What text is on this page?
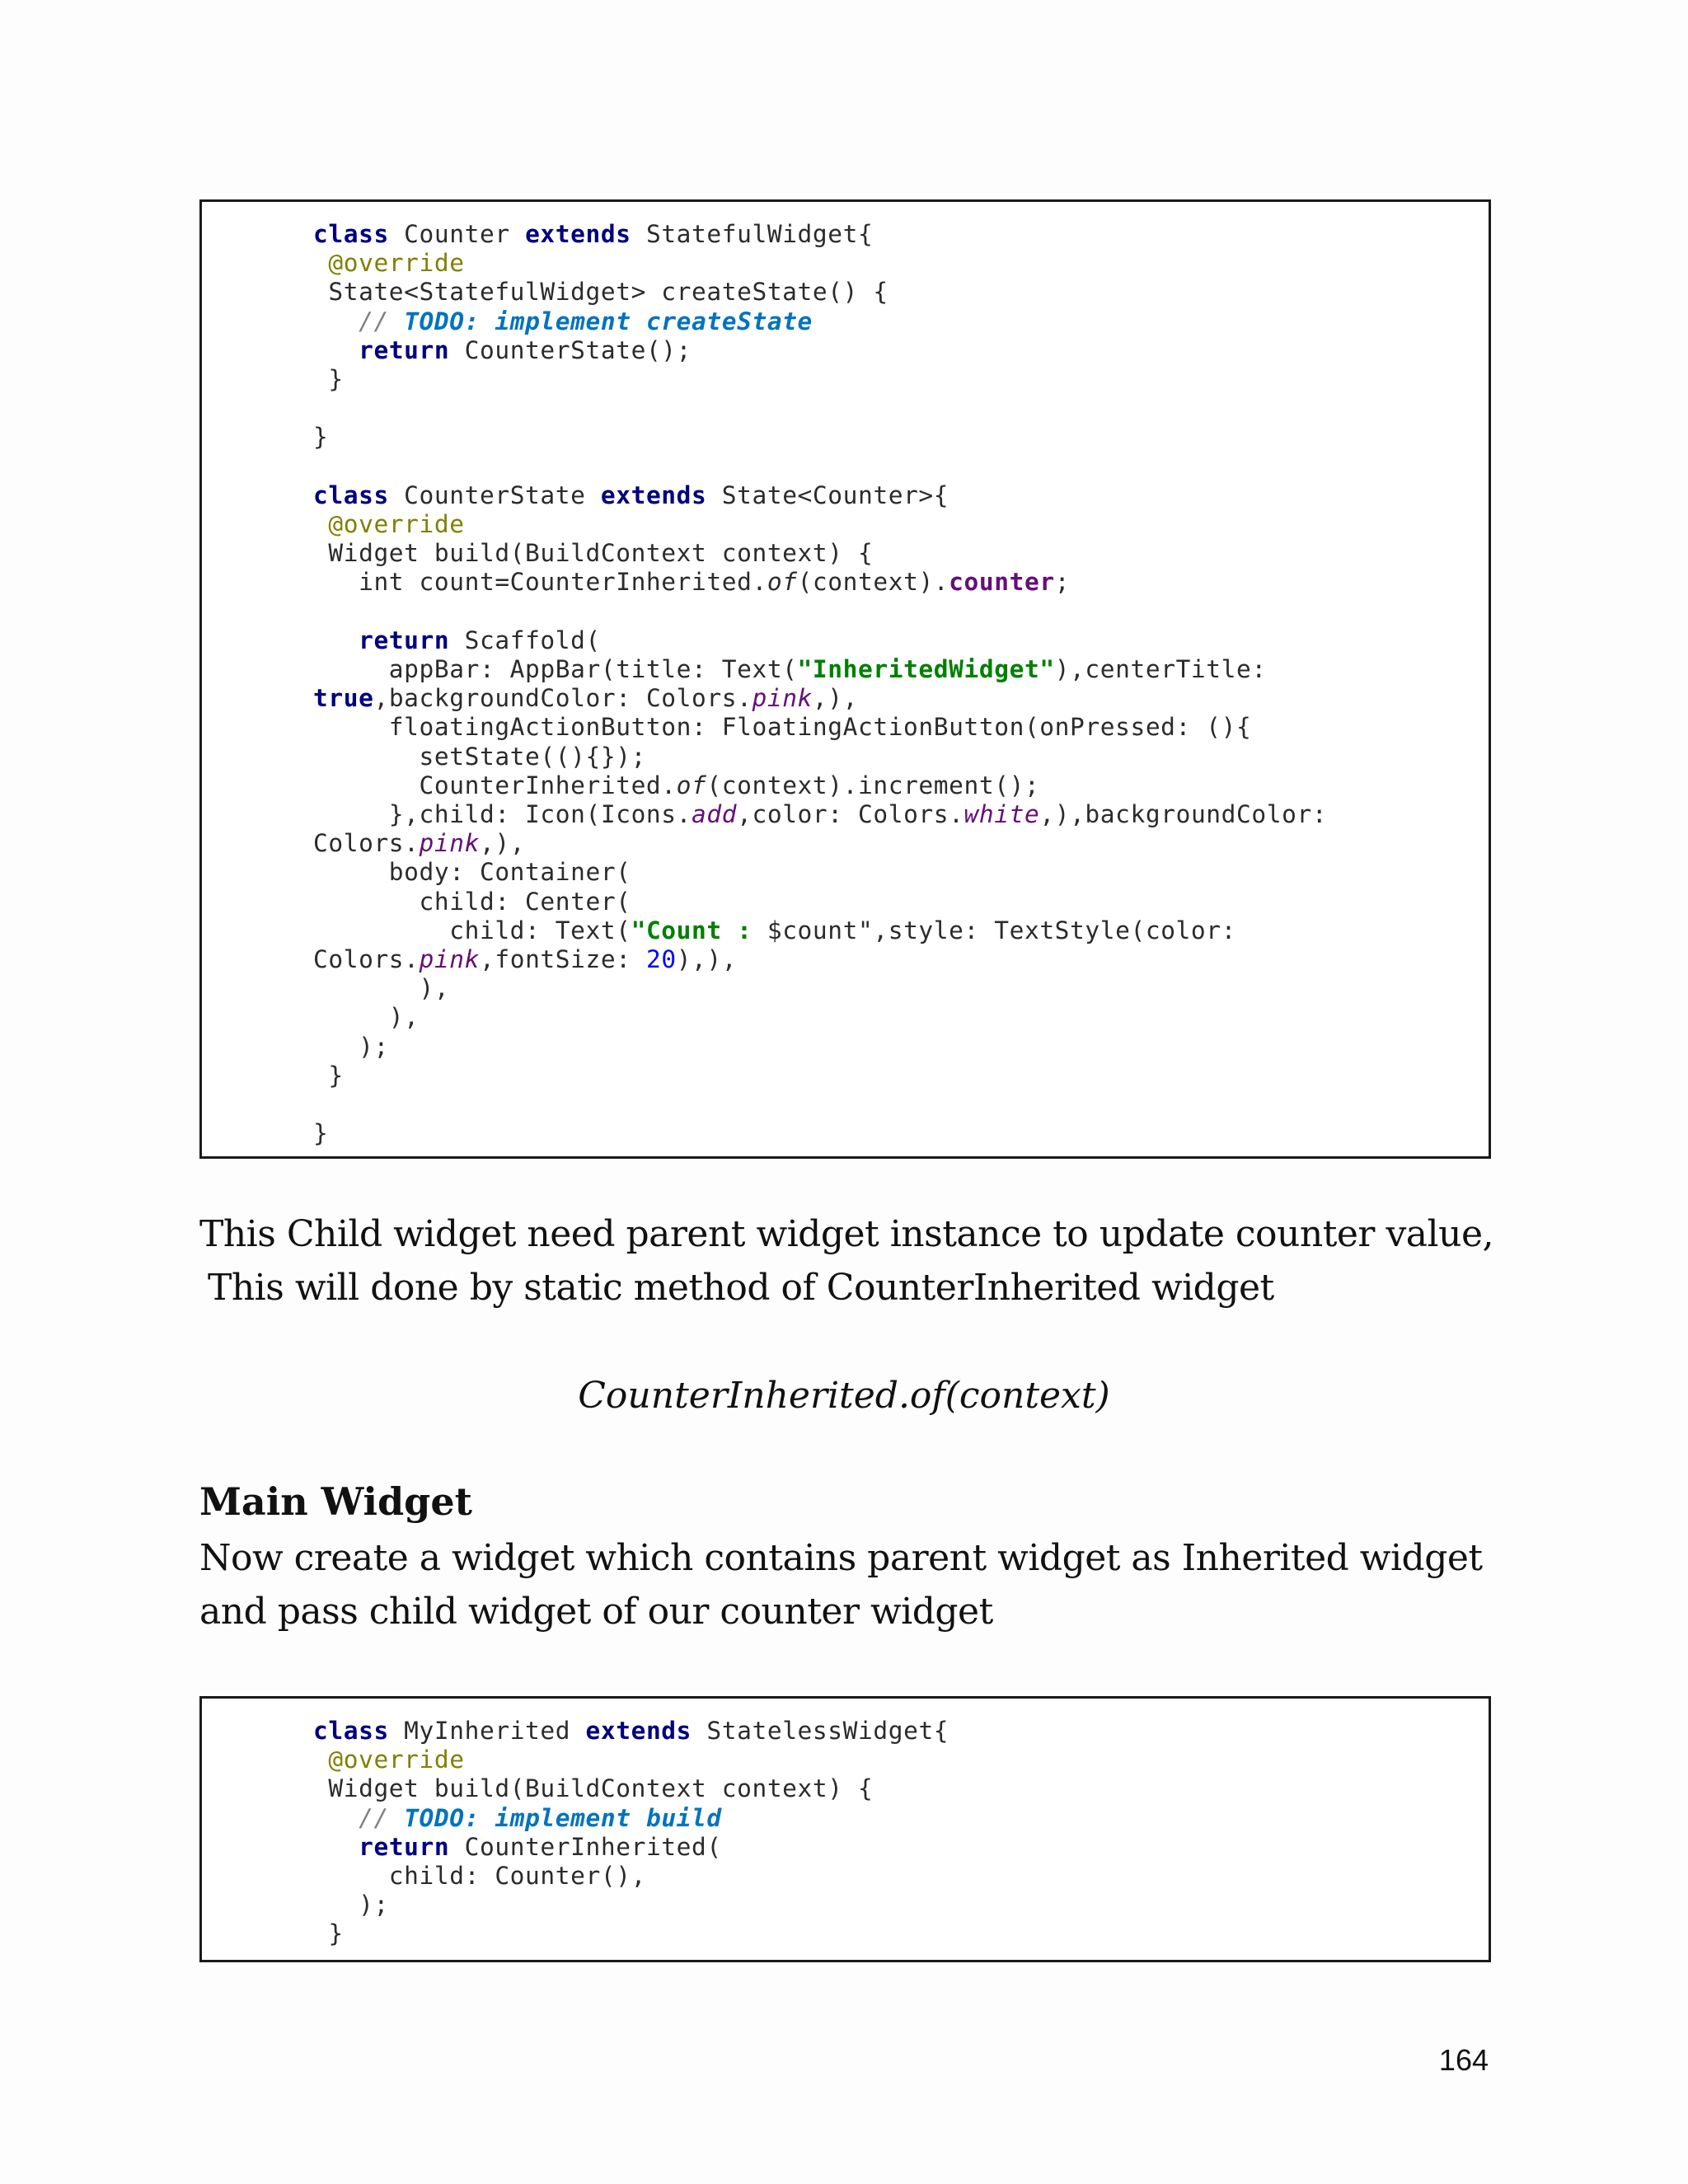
class Counter extends StatefulWidget{
@override
State<StatefulWidget> createState() {
// TODO: implement createState
return CounterState();
}

}

class CounterState extends State<Counter>{
@override
Widget build(BuildContext context) {
int count=CounterInherited.of(context).counter;

return Scaffold(
appBar: AppBar(title: Text("InheritedWidget"),centerTitle:
true,backgroundColor: Colors.pink,),
floatingActionButton: FloatingActionButton(onPressed: (){
setState((){});
CounterInherited.of(context).increment();
},child: Icon(Icons.add,color: Colors.white,),backgroundColor:
Colors.pink,),
body: Container(
child: Center(
child: Text("Count : $count",style: TextStyle(color:
Colors.pink,fontSize: 20),),
),
),
);
}

}

This Child widget need parent widget instance to update counter value,
This will done by static method of CounterInherited widget

CounterInherited.of(context)
Main Widget

Now create a widget which contains parent widget as Inherited widget and pass child widget of our counter widget

class MyInherited extends StatelessWidget{
@override
Widget build(BuildContext context) {
// TODO: implement build
return CounterInherited(
child: Counter(),
);
}
164
